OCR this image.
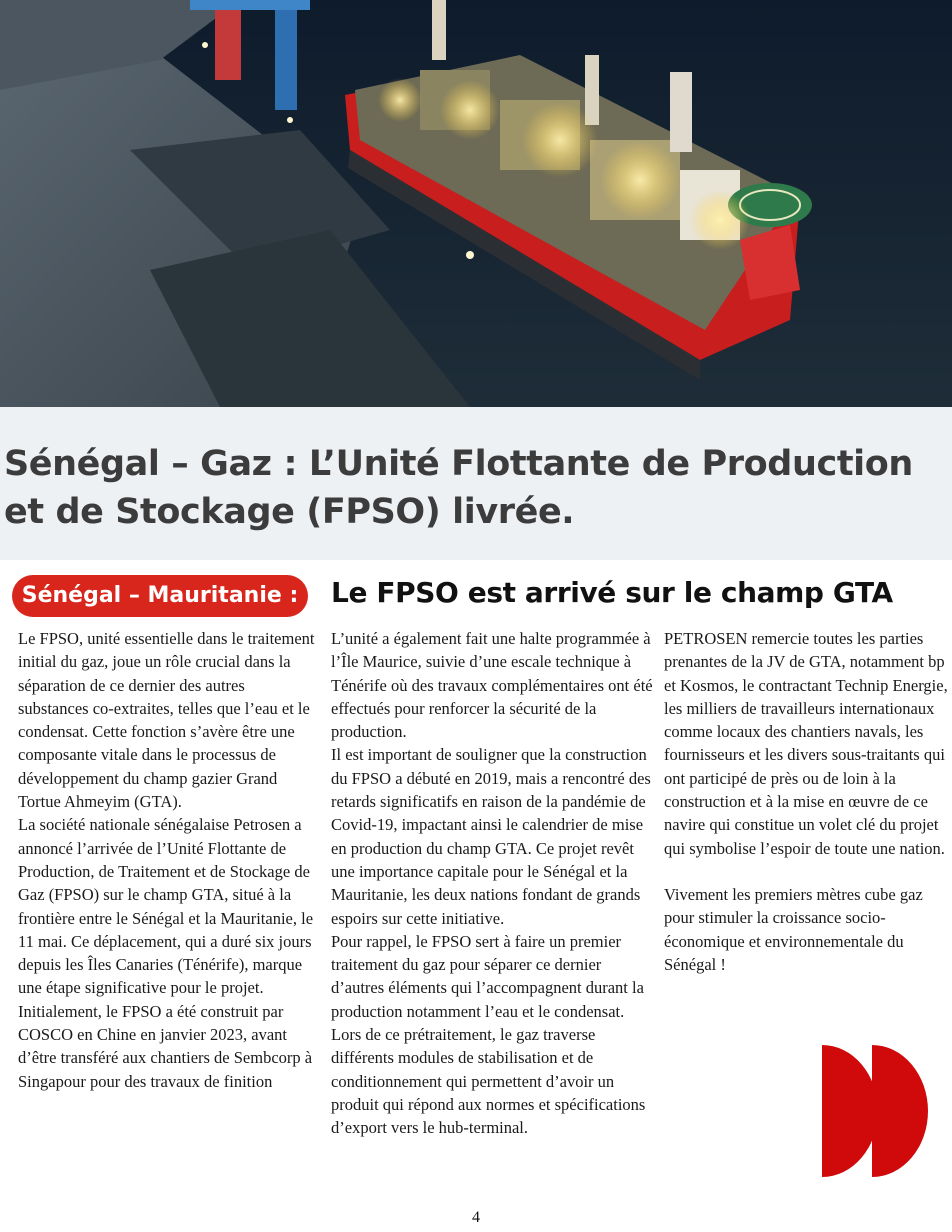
Sénégal – Gaz : L’Unité Flottante de Production et de Stockage (FPSO) livrée.
Sénégal – Mauritanie :	Le FPSO est arrivé sur le champ GTA

Le FPSO, unité essentielle dans le traitement initial du gaz, joue un rôle crucial dans la séparation de ce dernier des autres substances co-extraites, telles que l’eau et le condensat. Cette fonction s’avère être une composante vitale dans le processus de développement du champ gazier Grand Tortue Ahmeyim (GTA).

La société nationale sénégalaise Petrosen a annoncé l’arrivée de l’Unité Flottante de Production, de Traitement et de Stockage de Gaz (FPSO) sur le champ GTA, situé à la frontière entre le Sénégal et la Mauritanie, le 11 mai. Ce déplacement, qui a duré six jours depuis les Îles Canaries (Ténérife), marque une étape significative pour le projet.

Initialement, le FPSO a été construit par COSCO en Chine en janvier 2023, avant d’être transféré aux chantiers de Sembcorp à Singapour pour des travaux de finition

L’unité a également fait une halte programmée à l’Île Maurice, suivie d’une escale technique à Ténérife où des travaux complémentaires ont été effectués pour renforcer la sécurité de la production.

Il est important de souligner que la construction du FPSO a débuté en 2019, mais a rencontré des retards significatifs en raison de la pandémie de Covid-19, impactant ainsi le calendrier de mise en production du champ GTA. Ce projet revêt une importance capitale pour le Sénégal et la Mauritanie, les deux nations fondant de grands espoirs sur cette initiative.

Pour rappel, le FPSO sert à faire un premier traitement du gaz pour séparer ce dernier d’autres éléments qui l’accompagnent durant la production notamment l’eau et le condensat.

Lors de ce prétraitement, le gaz traverse différents modules de stabilisation et de conditionnement qui permettent d’avoir un produit qui répond aux normes et spécifications d’export vers le hub-terminal.

PETROSEN remercie toutes les parties prenantes de la JV de GTA, notamment bp et Kosmos, le contractant Technip Energie, les milliers de travailleurs internationaux comme locaux des chantiers navals, les fournisseurs et les divers sous-traitants qui ont participé de près ou de loin à la construction et à la mise en œuvre de ce navire qui constitue un volet clé du projet qui symbolise l’espoir de toute une nation.

Vivement les premiers mètres cube gaz pour stimuler la croissance socio-économique et environnementale du Sénégal !

4
